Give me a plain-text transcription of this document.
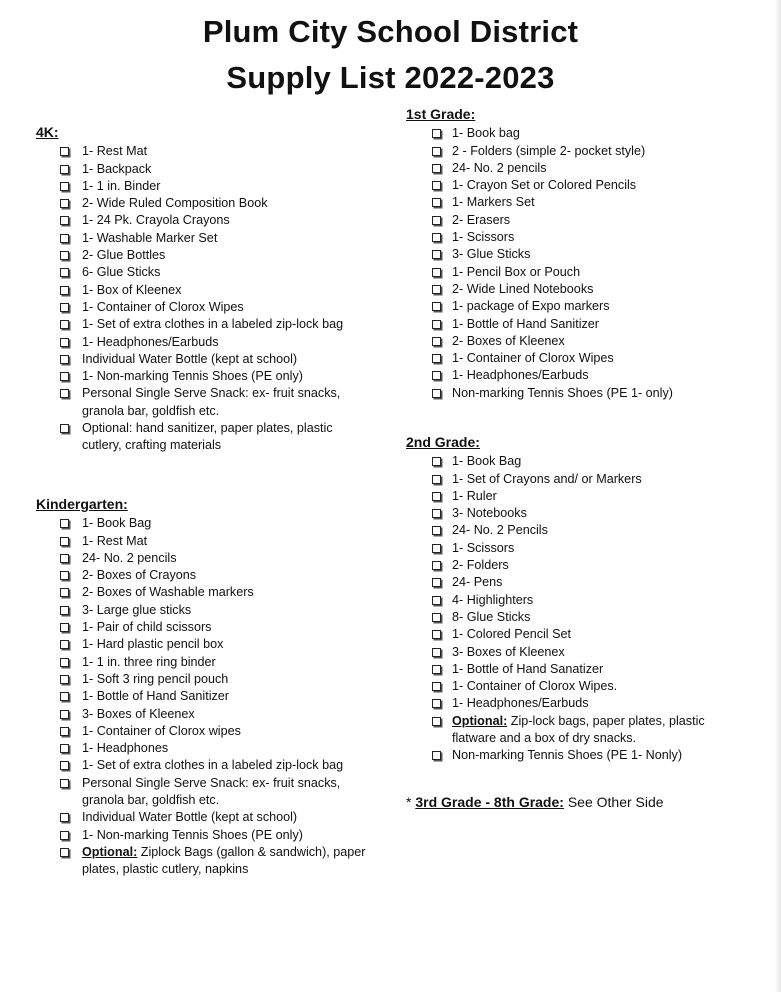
Plum City School District
Supply List 2022-2023
4K:
1- Rest Mat
1- Backpack
1- 1 in. Binder
2- Wide Ruled Composition Book
1- 24 Pk. Crayola Crayons
1- Washable Marker Set
2- Glue Bottles
6- Glue Sticks
1- Box of Kleenex
1- Container of Clorox Wipes
1- Set of extra clothes in a labeled zip-lock bag
1- Headphones/Earbuds
Individual Water Bottle (kept at school)
1- Non-marking Tennis Shoes (PE only)
Personal Single Serve Snack: ex- fruit snacks, granola bar, goldfish etc.
Optional: hand sanitizer, paper plates, plastic cutlery, crafting materials
Kindergarten:
1- Book Bag
1- Rest Mat
24- No. 2 pencils
2- Boxes of Crayons
2- Boxes of Washable markers
3- Large glue sticks
1- Pair of child scissors
1- Hard plastic pencil box
1- 1 in. three ring binder
1- Soft 3 ring pencil pouch
1- Bottle of Hand Sanitizer
3- Boxes of Kleenex
1- Container of Clorox wipes
1- Headphones
1- Set of extra clothes in a labeled zip-lock bag
Personal Single Serve Snack: ex- fruit snacks, granola bar, goldfish etc.
Individual Water Bottle (kept at school)
1- Non-marking Tennis Shoes (PE only)
Optional: Ziplock Bags (gallon & sandwich), paper plates, plastic cutlery, napkins
1st Grade:
1- Book bag
2 - Folders (simple 2- pocket style)
24- No. 2 pencils
1- Crayon Set or Colored Pencils
1- Markers Set
2- Erasers
1- Scissors
3- Glue Sticks
1- Pencil Box or Pouch
2- Wide Lined Notebooks
1- package of Expo markers
1- Bottle of Hand Sanitizer
2- Boxes of Kleenex
1- Container of Clorox Wipes
1- Headphones/Earbuds
Non-marking Tennis Shoes (PE 1- only)
2nd Grade:
1- Book Bag
1- Set of Crayons and/ or Markers
1- Ruler
3- Notebooks
24- No. 2 Pencils
1- Scissors
2- Folders
24- Pens
4- Highlighters
8- Glue Sticks
1- Colored Pencil Set
3- Boxes of Kleenex
1- Bottle of Hand Sanatizer
1- Container of Clorox Wipes.
1- Headphones/Earbuds
Optional: Zip-lock bags, paper plates, plastic flatware and a box of dry snacks.
Non-marking Tennis Shoes (PE 1- Nonly)
* 3rd Grade - 8th Grade: See Other Side
